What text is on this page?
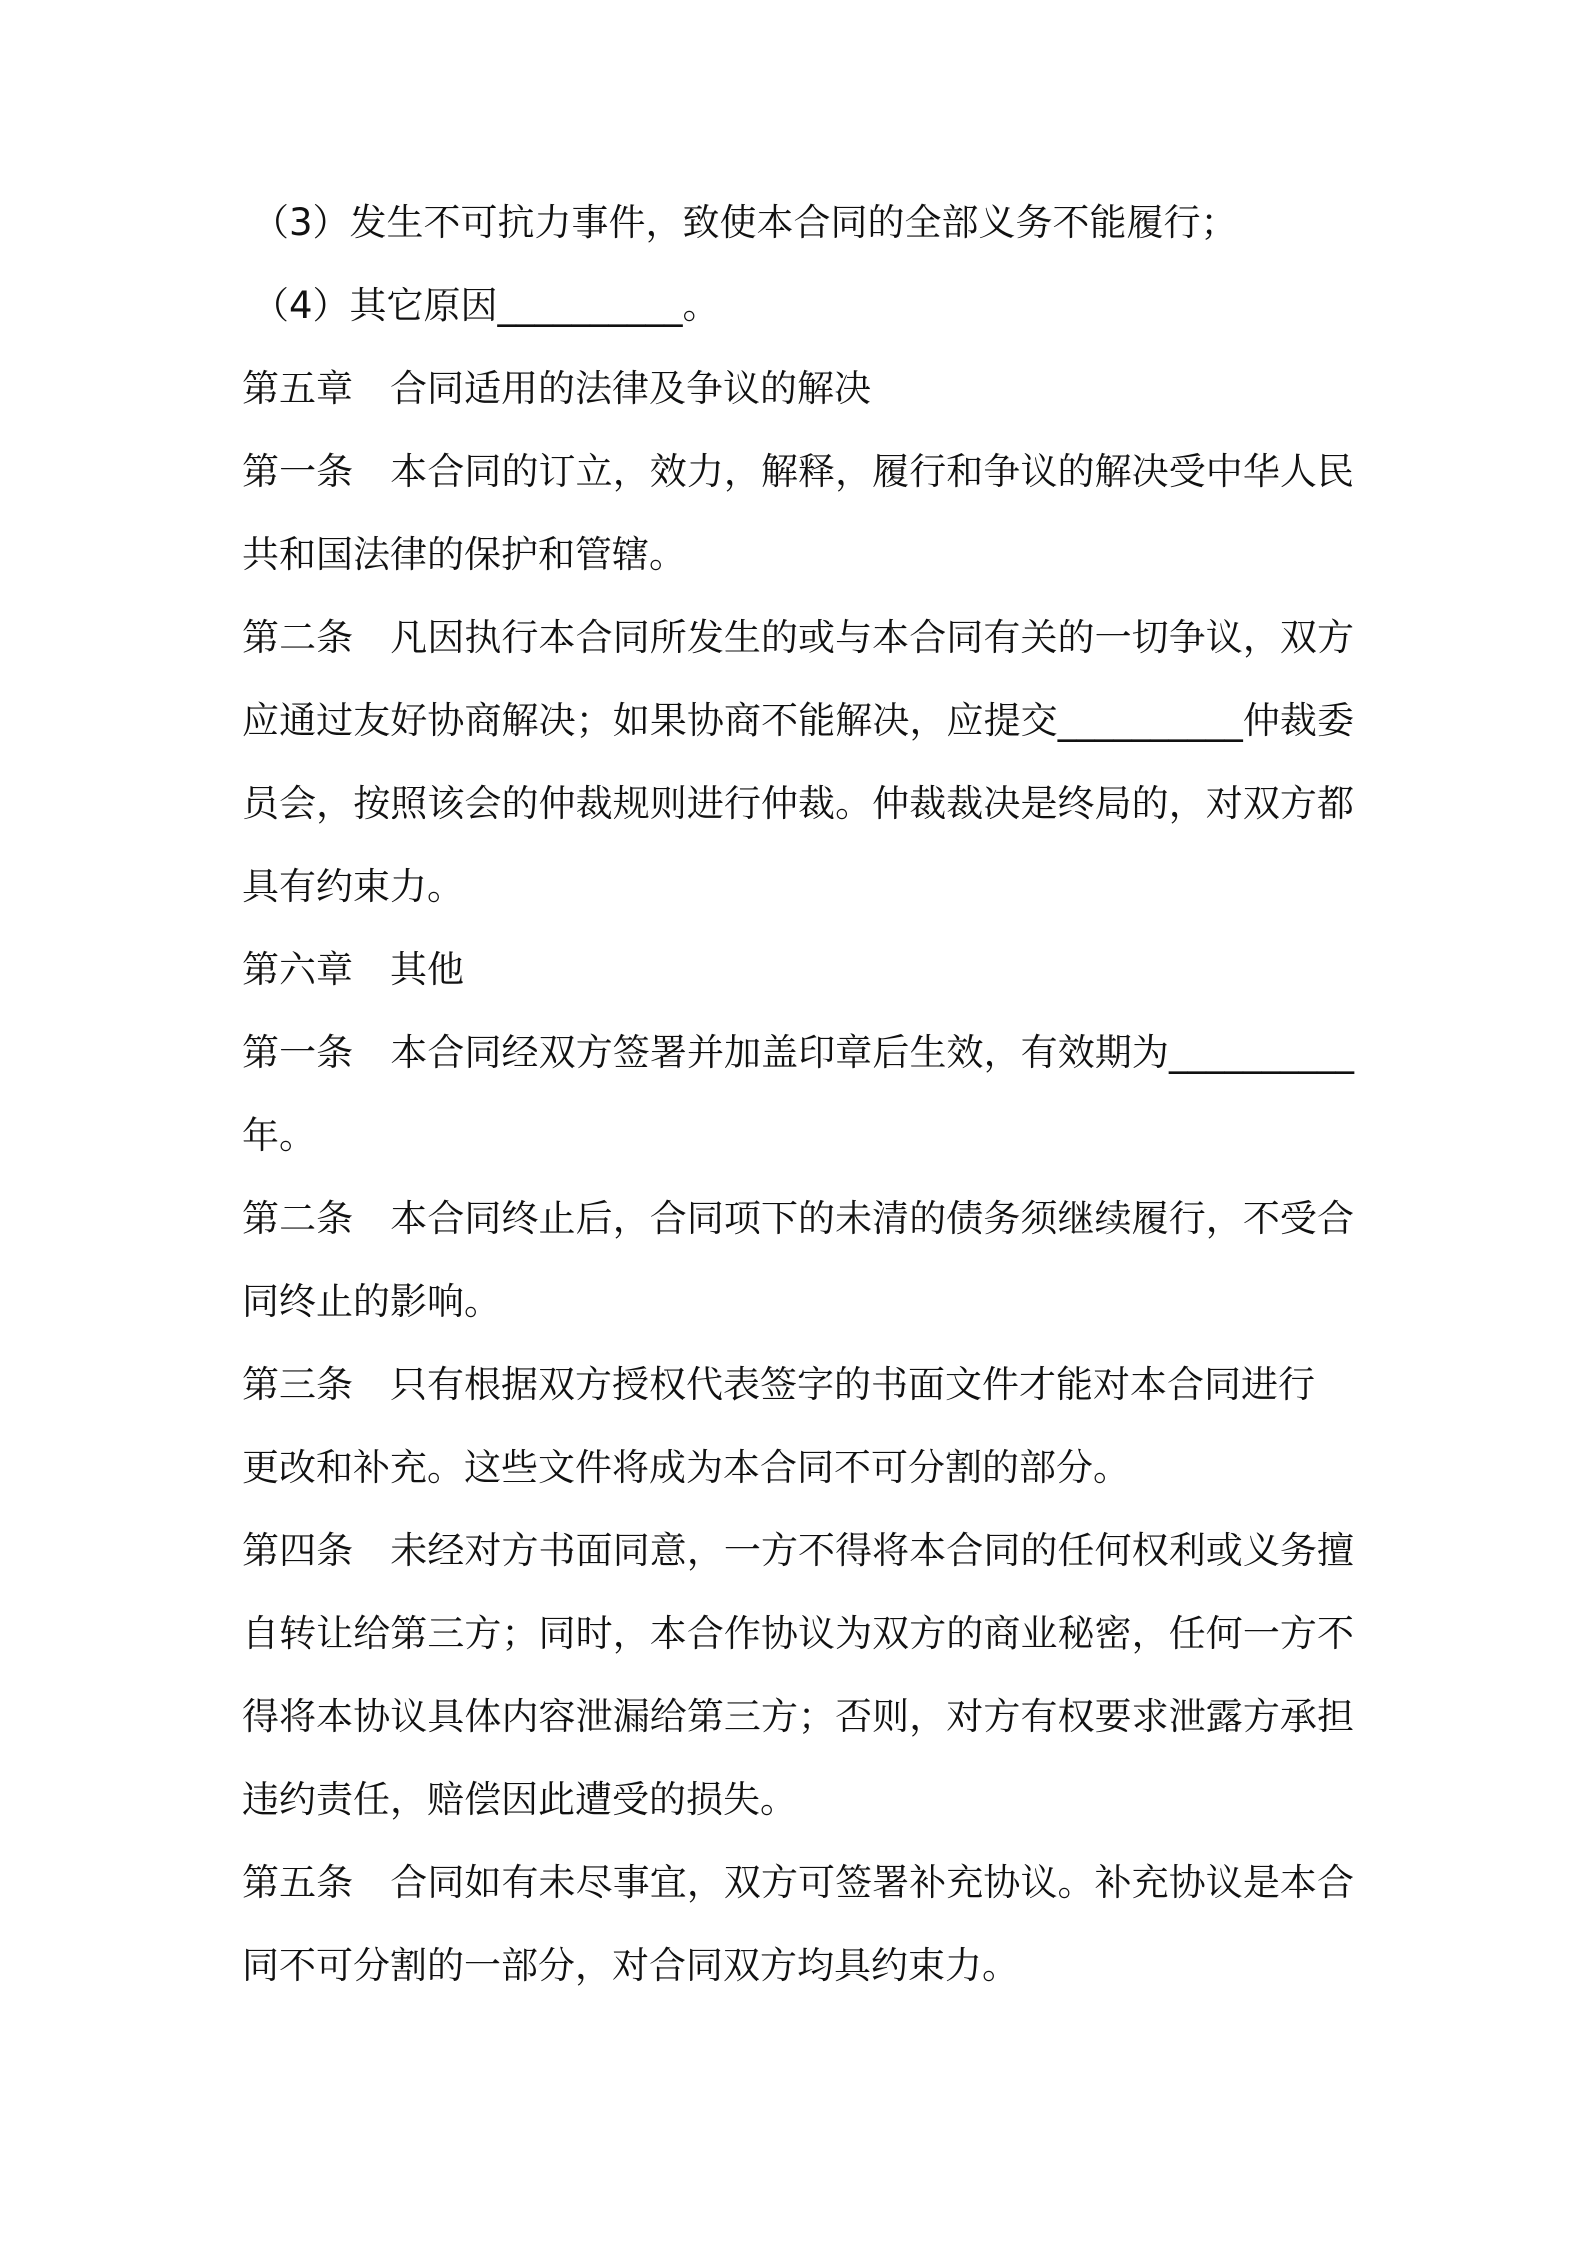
（3）发生不可抗力事件，致使本合同的全部义务不能履行；
（4）其它原因__________。
第五章　合同适用的法律及争议的解决
第一条　本合同的订立，效力，解释，履行和争议的解决受中华人民
共和国法律的保护和管辖。
第二条　凡因执行本合同所发生的或与本合同有关的一切争议，双方
应通过友好协商解决；如果协商不能解决，应提交__________仲裁委
员会，按照该会的仲裁规则进行仲裁。仲裁裁决是终局的，对双方都
具有约束力。
第六章　其他
第一条　本合同经双方签署并加盖印章后生效，有效期为__________
年。
第二条　本合同终止后，合同项下的未清的债务须继续履行，不受合
同终止的影响。
第三条　只有根据双方授权代表签字的书面文件才能对本合同进行
更改和补充。这些文件将成为本合同不可分割的部分。
第四条　未经对方书面同意，一方不得将本合同的任何权利或义务擅
自转让给第三方；同时，本合作协议为双方的商业秘密，任何一方不
得将本协议具体内容泄漏给第三方；否则，对方有权要求泄露方承担
违约责任，赔偿因此遭受的损失。
第五条　合同如有未尽事宜，双方可签署补充协议。补充协议是本合
同不可分割的一部分，对合同双方均具约束力。
